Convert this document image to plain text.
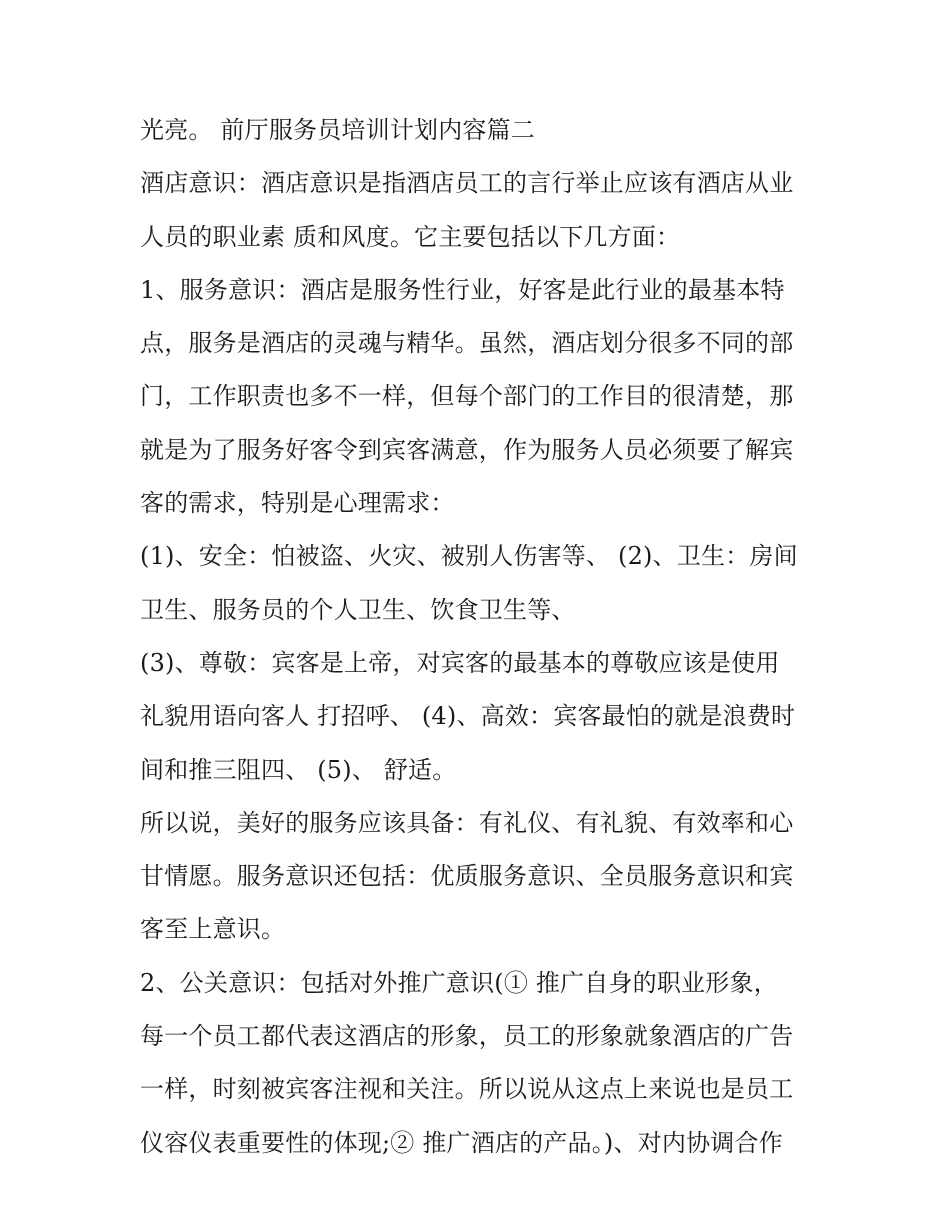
光亮。 前厅服务员培训计划内容篇二
酒店意识：酒店意识是指酒店员工的言行举止应该有酒店从业
人员的职业素 质和风度。它主要包括以下几方面：
1、服务意识：酒店是服务性行业，好客是此行业的最基本特
点，服务是酒店的灵魂与精华。虽然，酒店划分很多不同的部
门，工作职责也多不一样，但每个部门的工作目的很清楚，那
就是为了服务好客令到宾客满意，作为服务人员必须要了解宾
客的需求，特别是心理需求：
(1)、安全：怕被盗、火灾、被别人伤害等、 (2)、卫生：房间
卫生、服务员的个人卫生、饮食卫生等、
(3)、尊敬：宾客是上帝，对宾客的最基本的尊敬应该是使用
礼貌用语向客人 打招呼、 (4)、高效：宾客最怕的就是浪费时
间和推三阻四、 (5)、 舒适。
所以说，美好的服务应该具备：有礼仪、有礼貌、有效率和心
甘情愿。服务意识还包括：优质服务意识、全员服务意识和宾
客至上意识。
2、公关意识：包括对外推广意识(① 推广自身的职业形象，
每一个员工都代表这酒店的形象，员工的形象就象酒店的广告
一样，时刻被宾客注视和关注。所以说从这点上来说也是员工
仪容仪表重要性的体现;② 推广酒店的产品。)、对内协调合作
